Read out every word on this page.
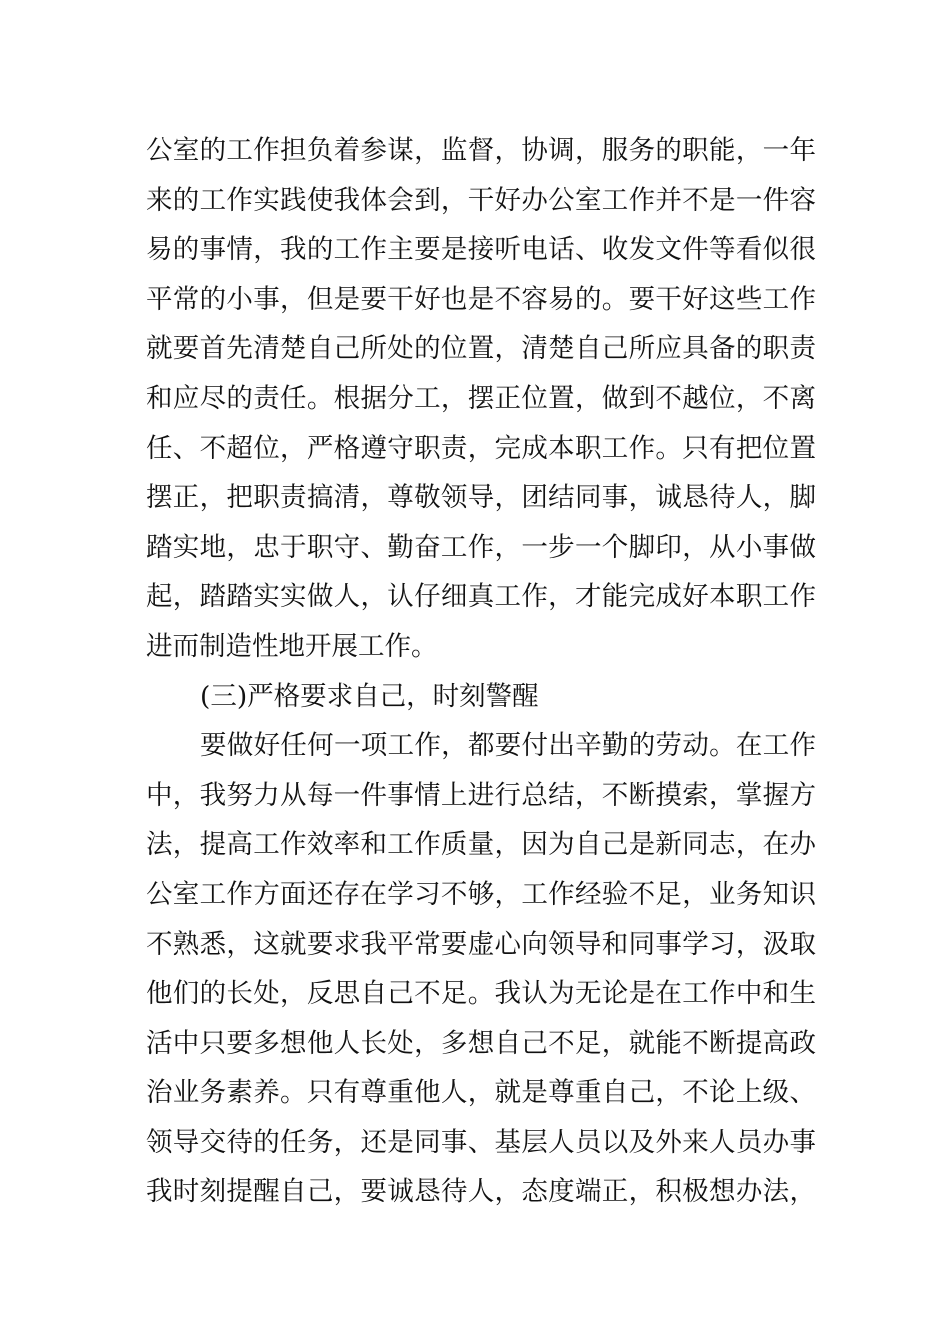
公室的工作担负着参谋，监督，协调，服务的职能，一年
来的工作实践使我体会到，干好办公室工作并不是一件容
易的事情，我的工作主要是接听电话、收发文件等看似很
平常的小事，但是要干好也是不容易的。要干好这些工作
就要首先清楚自己所处的位置，清楚自己所应具备的职责
和应尽的责任。根据分工，摆正位置，做到不越位，不离
任、不超位，严格遵守职责，完成本职工作。只有把位置
摆正，把职责搞清，尊敬领导，团结同事，诚恳待人，脚
踏实地，忠于职守、勤奋工作，一步一个脚印，从小事做
起，踏踏实实做人，认仔细真工作，才能完成好本职工作
进而制造性地开展工作。
(三)严格要求自己，时刻警醒
要做好任何一项工作，都要付出辛勤的劳动。在工作
中，我努力从每一件事情上进行总结，不断摸索，掌握方
法，提高工作效率和工作质量，因为自己是新同志，在办
公室工作方面还存在学习不够，工作经验不足，业务知识
不熟悉，这就要求我平常要虚心向领导和同事学习，汲取
他们的长处，反思自己不足。我认为无论是在工作中和生
活中只要多想他人长处，多想自己不足，就能不断提高政
治业务素养。只有尊重他人，就是尊重自己，不论上级、
领导交待的任务，还是同事、基层人员以及外来人员办事
我时刻提醒自己，要诚恳待人，态度端正，积极想办法，
